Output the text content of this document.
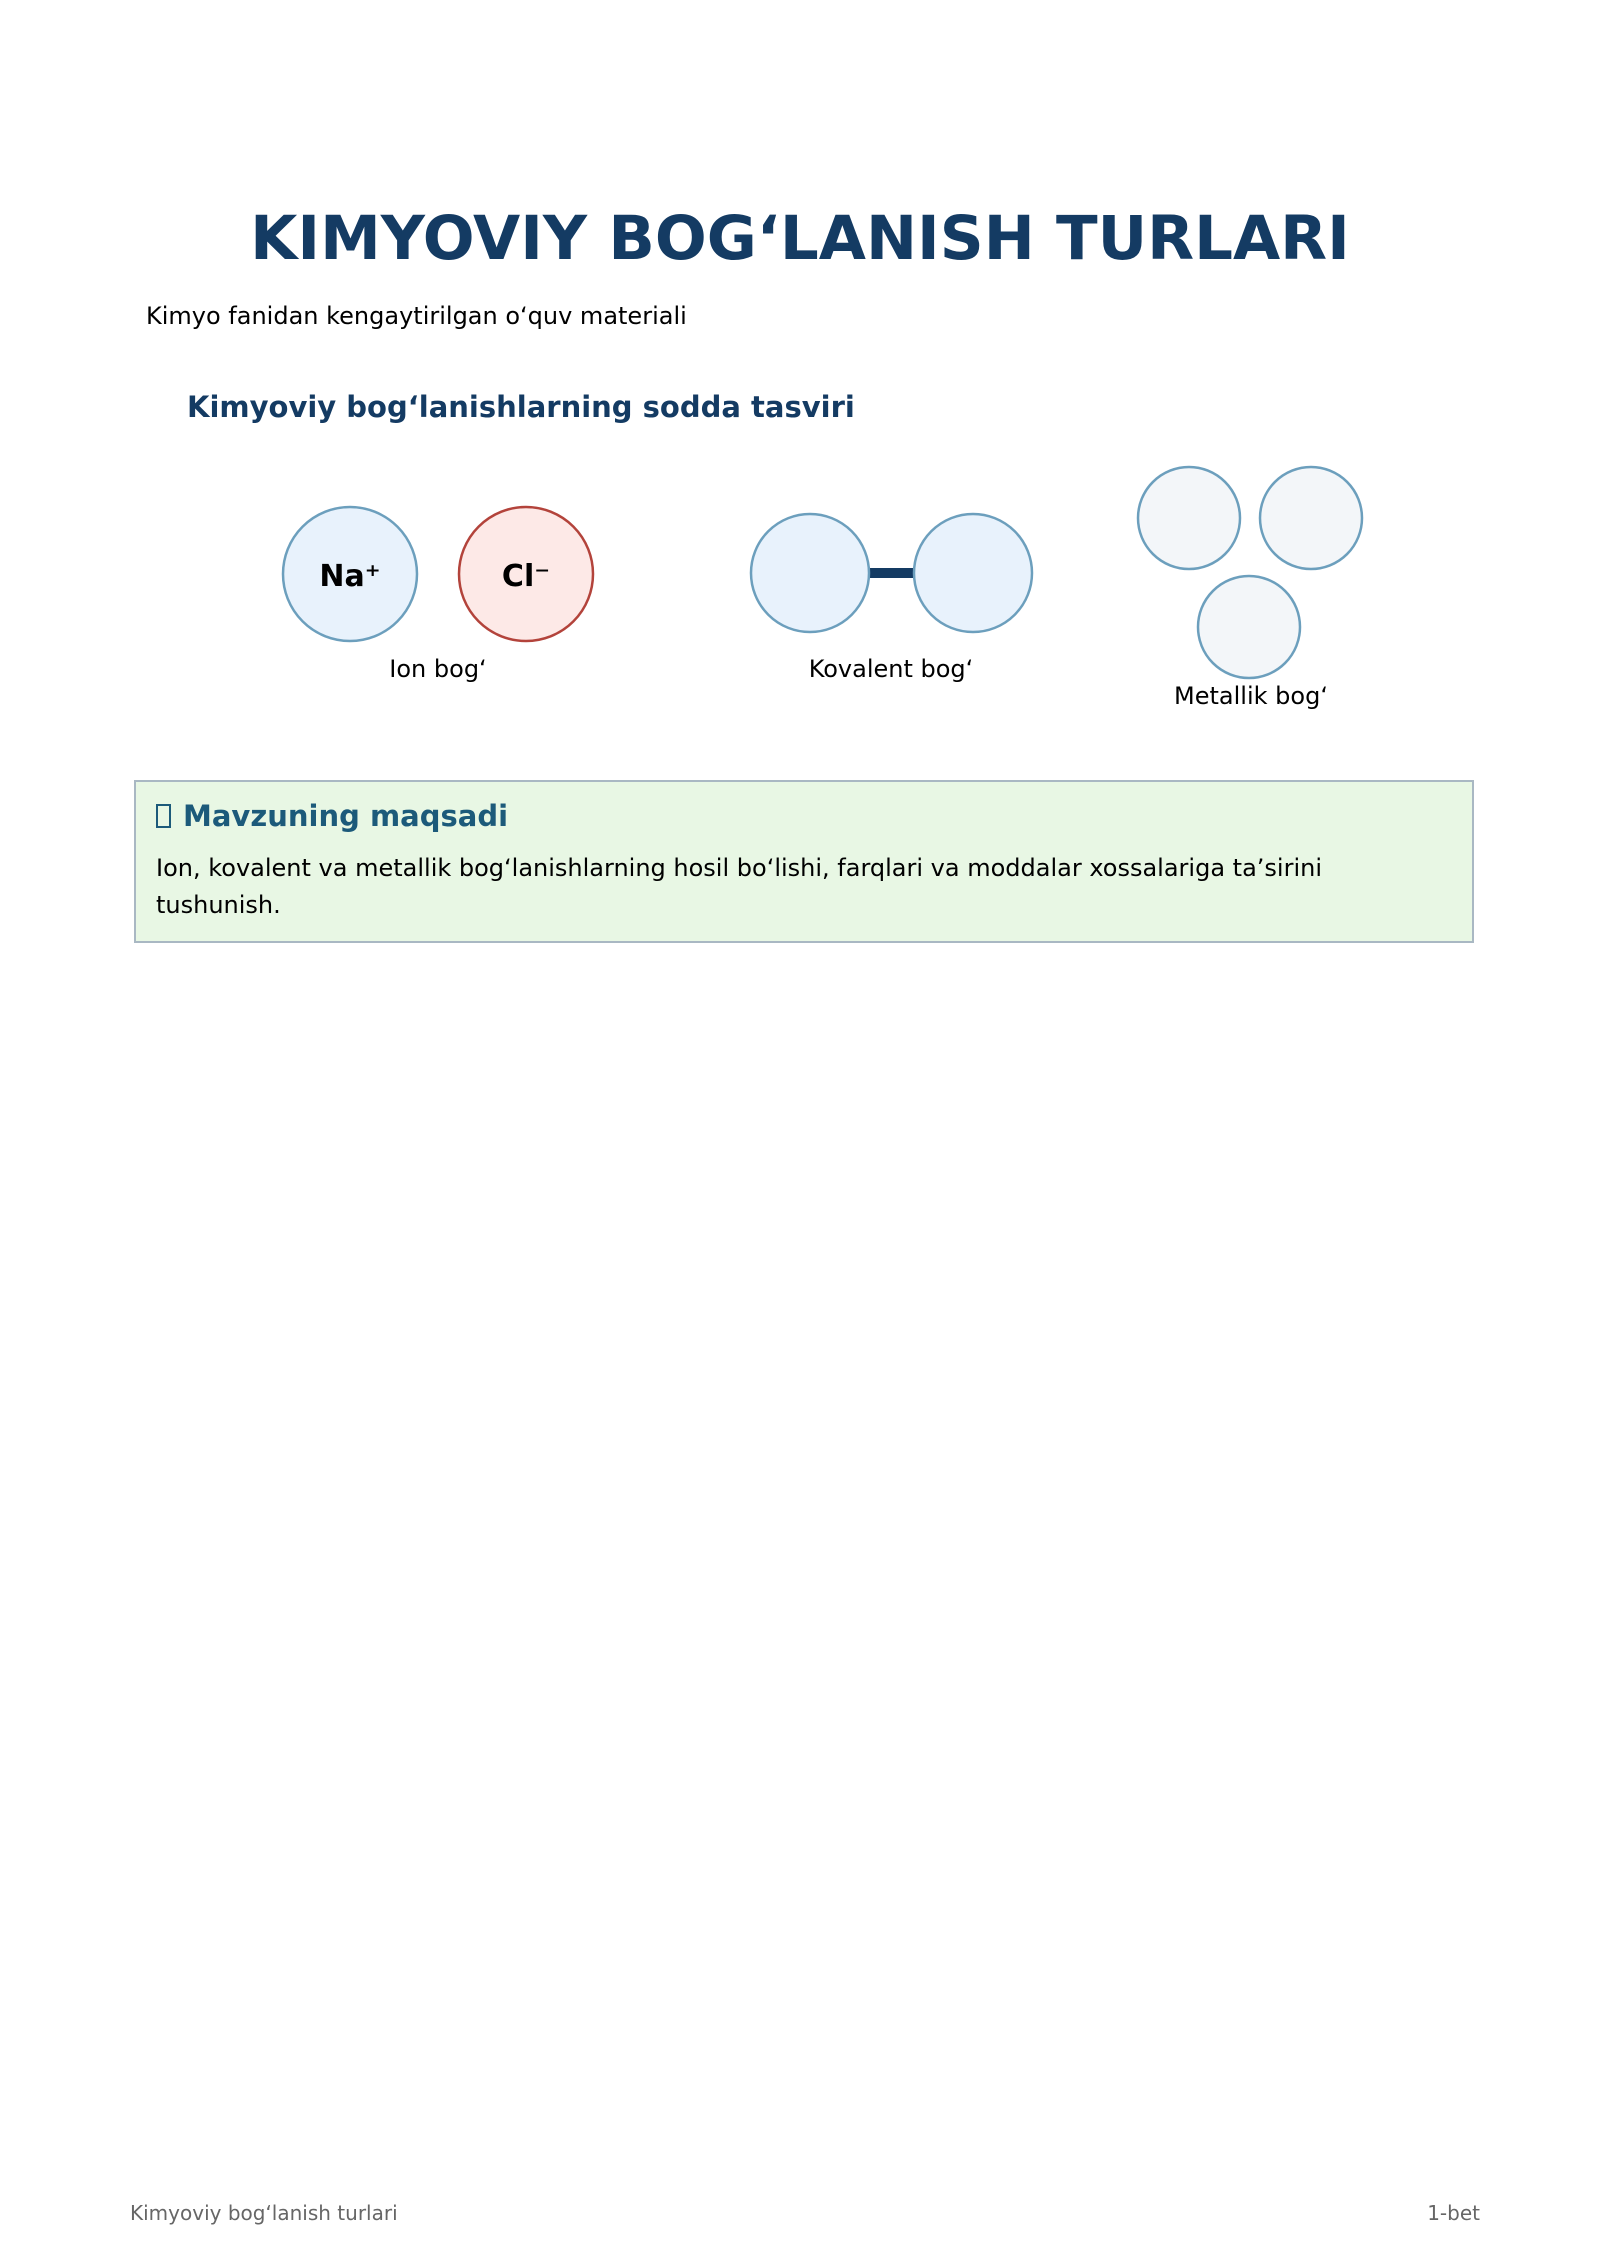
KIMYOVIY BOG‘LANISH TURLARI
Kimyo fanidan kengaytirilgan o‘quv materiali
Kimyoviy bog‘lanishlarning sodda tasviri
Na⁺	Cl⁻
Ion bog‘	Kovalent bog‘
Metallik bog‘
Mavzuning maqsadi

Ion, kovalent va metallik bog‘lanishlarning hosil bo‘lishi, farqlari va moddalar xossalariga ta’sirini tushunish.

Kimyoviy bog‘lanish turlari	1-bet
